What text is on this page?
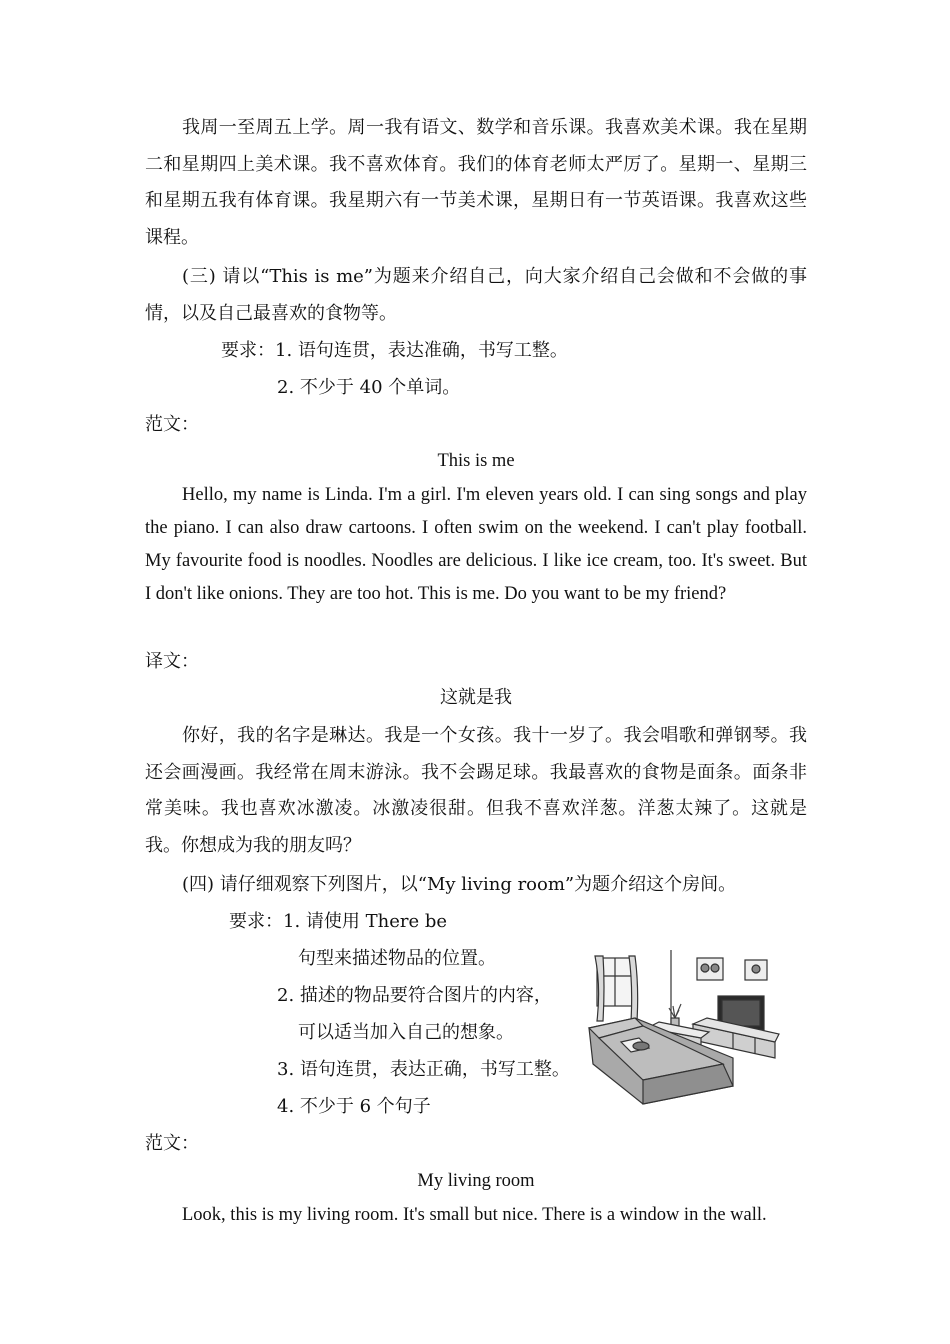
我周一至周五上学。周一我有语文、数学和音乐课。我喜欢美术课。我在星期二和星期四上美术课。我不喜欢体育。我们的体育老师太严厉了。星期一、星期三和星期五我有体育课。我星期六有一节美术课，星期日有一节英语课。我喜欢这些课程。

(三) 请以“This is me”为题来介绍自己，向大家介绍自己会做和不会做的事情，以及自己最喜欢的食物等。

要求：1. 语句连贯，表达准确，书写工整。

2. 不少于 40 个单词。

范文：

This is me

Hello, my name is Linda. I'm a girl. I'm eleven years old. I can sing songs and play the piano. I can also draw cartoons. I often swim on the weekend. I can't play football. My favourite food is noodles. Noodles are delicious. I like ice cream, too. It's sweet. But I don't like onions. They are too hot. This is me. Do you want to be my friend?

译文：

这就是我

你好，我的名字是琳达。我是一个女孩。我十一岁了。我会唱歌和弹钢琴。我还会画漫画。我经常在周末游泳。我不会踢足球。我最喜欢的食物是面条。面条非常美味。我也喜欢冰激凌。冰激凌很甜。但我不喜欢洋葱。洋葱太辣了。这就是我。你想成为我的朋友吗？

(四) 请仔细观察下列图片，以“My living room”为题介绍这个房间。

要求：1. 请使用 There be

句型来描述物品的位置。

2. 描述的物品要符合图片的内容，

可以适当加入自己的想象。

3. 语句连贯，表达正确，书写工整。

4. 不少于 6 个句子

范文：

My living room

Look, this is my living room. It's small but nice. There is a window in the wall.
